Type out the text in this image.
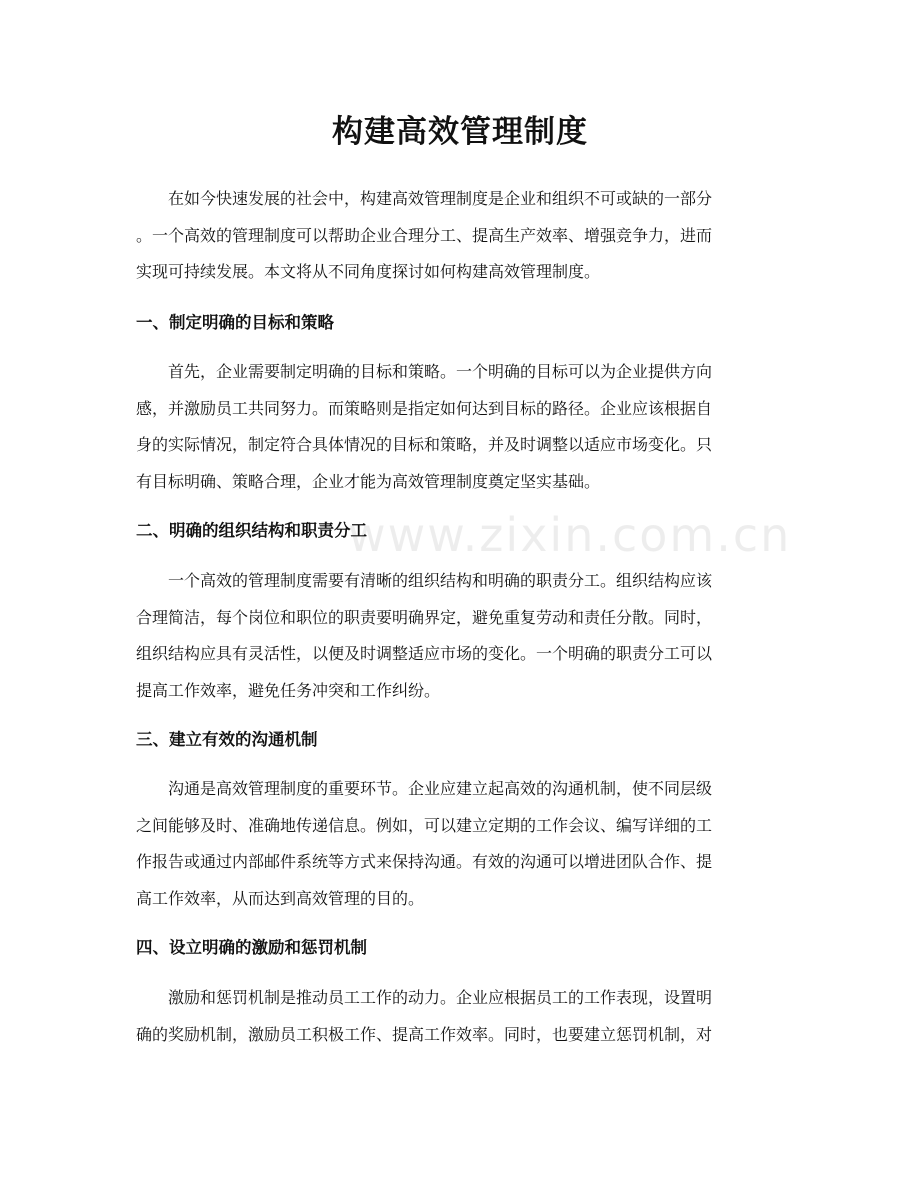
www.zixin.com.cn
构建高效管理制度

在如今快速发展的社会中，构建高效管理制度是企业和组织不可或缺的一部分
。一个高效的管理制度可以帮助企业合理分工、提高生产效率、增强竞争力，进而
实现可持续发展。本文将从不同角度探讨如何构建高效管理制度。

一、制定明确的目标和策略

首先，企业需要制定明确的目标和策略。一个明确的目标可以为企业提供方向
感，并激励员工共同努力。而策略则是指定如何达到目标的路径。企业应该根据自
身的实际情况，制定符合具体情况的目标和策略，并及时调整以适应市场变化。只
有目标明确、策略合理，企业才能为高效管理制度奠定坚实基础。

二、明确的组织结构和职责分工

一个高效的管理制度需要有清晰的组织结构和明确的职责分工。组织结构应该
合理简洁，每个岗位和职位的职责要明确界定，避免重复劳动和责任分散。同时，
组织结构应具有灵活性，以便及时调整适应市场的变化。一个明确的职责分工可以
提高工作效率，避免任务冲突和工作纠纷。

三、建立有效的沟通机制

沟通是高效管理制度的重要环节。企业应建立起高效的沟通机制，使不同层级
之间能够及时、准确地传递信息。例如，可以建立定期的工作会议、编写详细的工
作报告或通过内部邮件系统等方式来保持沟通。有效的沟通可以增进团队合作、提
高工作效率，从而达到高效管理的目的。

四、设立明确的激励和惩罚机制

激励和惩罚机制是推动员工工作的动力。企业应根据员工的工作表现，设置明
确的奖励机制，激励员工积极工作、提高工作效率。同时，也要建立惩罚机制，对
